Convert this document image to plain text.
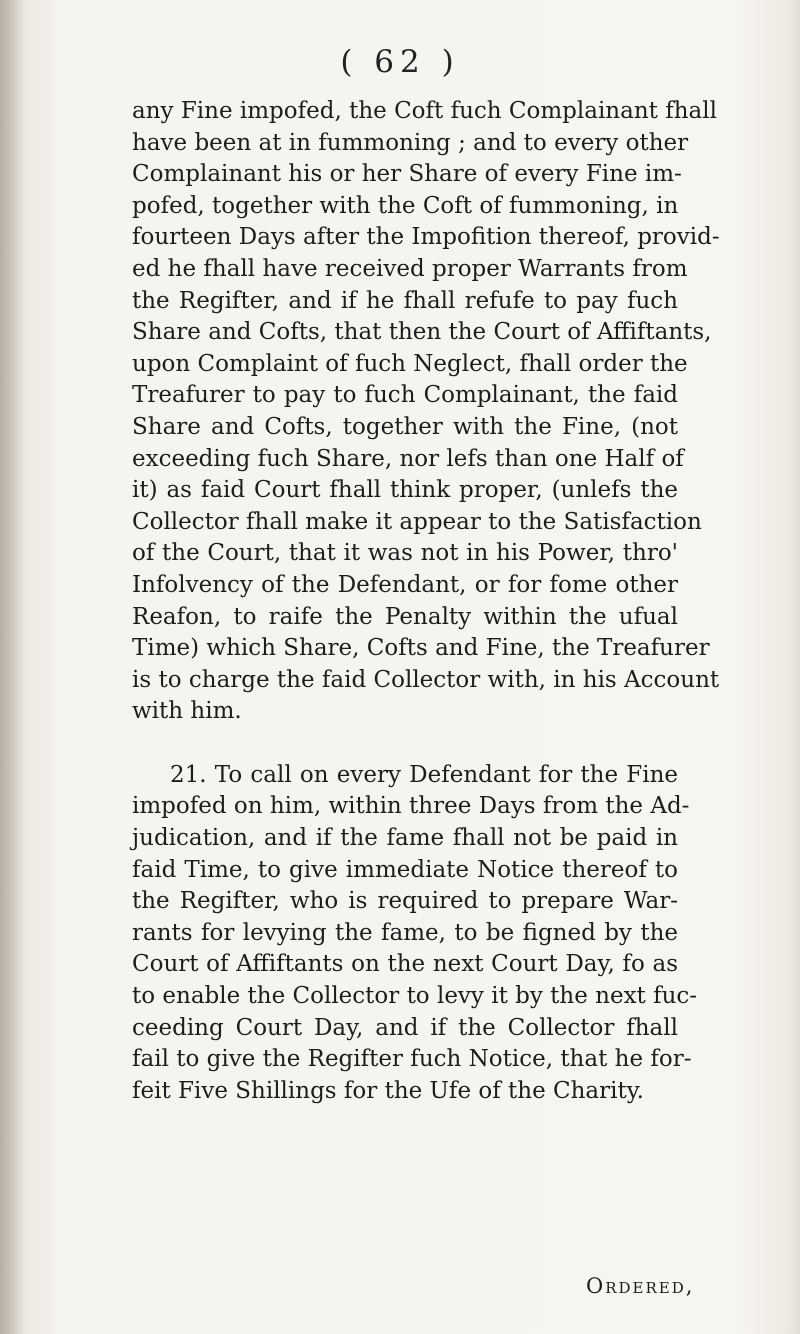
( 62 )
any Fine impofed, the Coft fuch Complainant fhall
have been at in fummoning ; and to every other
Complainant his or her Share of every Fine im-
pofed, together with the Coft of fummoning, in
fourteen Days after the Impofition thereof, provid-
ed he fhall have received proper Warrants from
the Regifter, and if he fhall refufe to pay fuch
Share and Cofts, that then the Court of Affiftants,
upon Complaint of fuch Neglect, fhall order the
Treafurer to pay to fuch Complainant, the faid
Share and Cofts, together with the Fine, (not
exceeding fuch Share, nor lefs than one Half of
it) as faid Court fhall think proper, (unlefs the
Collector fhall make it appear to the Satisfaction
of the Court, that it was not in his Power, thro'
Infolvency of the Defendant, or for fome other
Reafon, to raife the Penalty within the ufual
Time) which Share, Cofts and Fine, the Treafurer
is to charge the faid Collector with, in his Account
with him.
21. To call on every Defendant for the Fine
impofed on him, within three Days from the Ad-
judication, and if the fame fhall not be paid in
faid Time, to give immediate Notice thereof to
the Regifter, who is required to prepare War-
rants for levying the fame, to be figned by the
Court of Affiftants on the next Court Day, fo as
to enable the Collector to levy it by the next fuc-
ceeding Court Day, and if the Collector fhall
fail to give the Regifter fuch Notice, that he for-
feit Five Shillings for the Ufe of the Charity.
Ordered,
